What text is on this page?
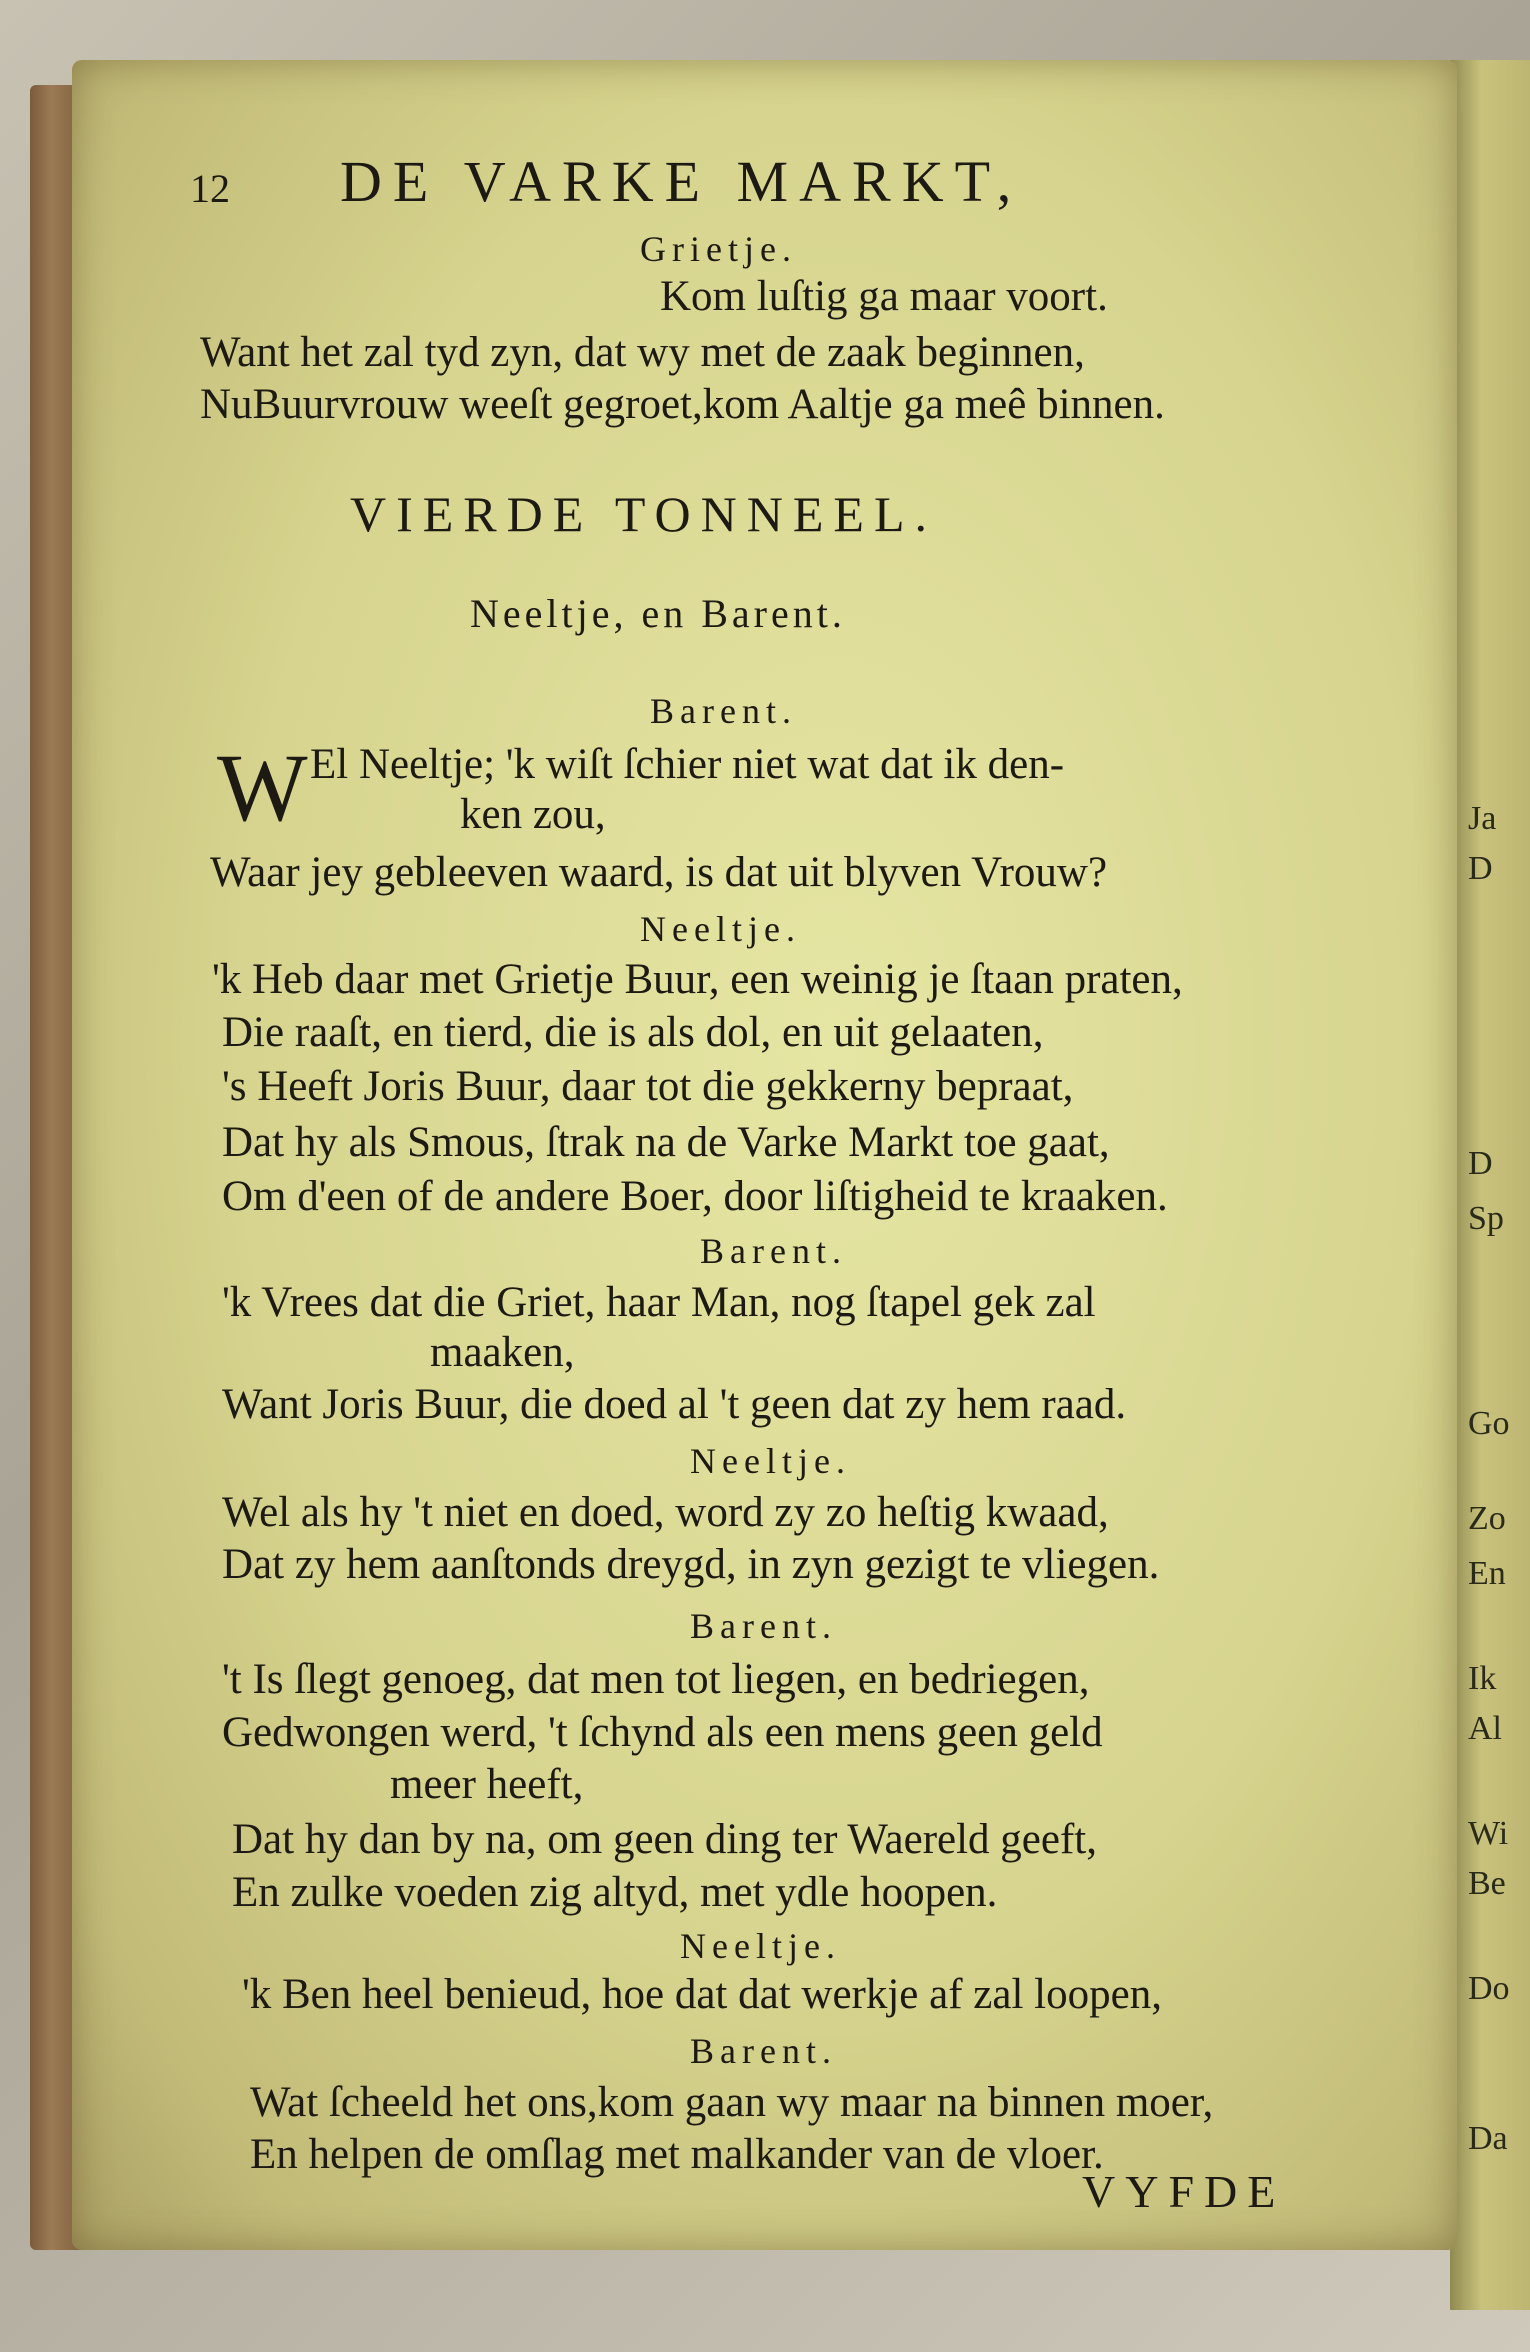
Ja
D
D
Sp
Go
Zo
En
Ik
Al
Wi
Be
Do
Da
12 DE VARKE MARKT,
Grietje.
Kom luſtig ga maar voort.
Want het zal tyd zyn, dat wy met de zaak beginnen,
NuBuurvrouw weeſt gegroet,kom Aaltje ga meê binnen.
VIERDE TONNEEL.
Neeltje, en Barent.
Barent.
W El Neeltje; 'k wiſt ſchier niet wat dat ik den-
ken zou,
Waar jey gebleeven waard, is dat uit blyven Vrouw?
Neeltje.
'k Heb daar met Grietje Buur, een weinig je ſtaan praten,
Die raaſt, en tierd, die is als dol, en uit gelaaten,
's Heeft Joris Buur, daar tot die gekkerny bepraat,
Dat hy als Smous, ſtrak na de Varke Markt toe gaat,
Om d'een of de andere Boer, door liſtigheid te kraaken.
Barent.
'k Vrees dat die Griet, haar Man, nog ſtapel gek zal
maaken,
Want Joris Buur, die doed al 't geen dat zy hem raad.
Neeltje.
Wel als hy 't niet en doed, word zy zo heſtig kwaad,
Dat zy hem aanſtonds dreygd, in zyn gezigt te vliegen.
Barent.
't Is ſlegt genoeg, dat men tot liegen, en bedriegen,
Gedwongen werd, 't ſchynd als een mens geen geld
meer heeft,
Dat hy dan by na, om geen ding ter Waereld geeft,
En zulke voeden zig altyd, met ydle hoopen.
Neeltje.
'k Ben heel benieud, hoe dat dat werkje af zal loopen,
Barent.
Wat ſcheeld het ons,kom gaan wy maar na binnen moer,
En helpen de omſlag met malkander van de vloer.
VYFDE
